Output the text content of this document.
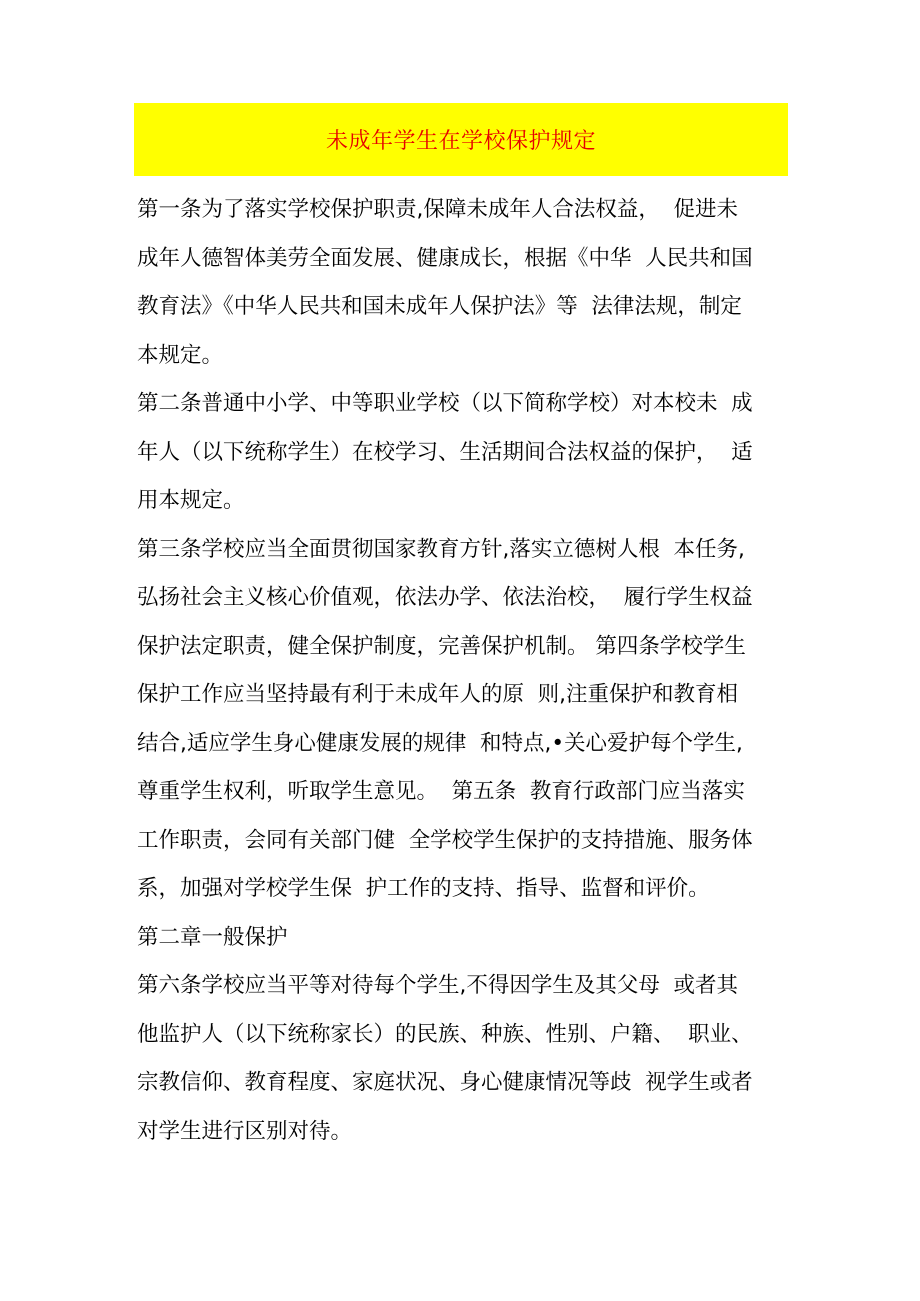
未成年学生在学校保护规定
第一条为了落实学校保护职责,保障未成年人合法权益，  促进未
成年人德智体美劳全面发展、健康成长，根据《中华  人民共和国
教育法》《中华人民共和国未成年人保护法》等  法律法规，制定
本规定。
第二条普通中小学、中等职业学校（以下简称学校）对本校未  成
年人（以下统称学生）在校学习、生活期间合法权益的保护，  适
用本规定。
第三条学校应当全面贯彻国家教育方针,落实立德树人根  本任务,
弘扬社会主义核心价值观，依法办学、依法治校，  履行学生权益
保护法定职责，健全保护制度，完善保护机制。 第四条学校学生
保护工作应当坚持最有利于未成年人的原  则,注重保护和教育相
结合,适应学生身心健康发展的规律  和特点,•关心爱护每个学生,
尊重学生权利，听取学生意见。  第五条  教育行政部门应当落实
工作职责，会同有关部门健  全学校学生保护的支持措施、服务体
系，加强对学校学生保  护工作的支持、指导、监督和评价。
第二章一般保护
第六条学校应当平等对待每个学生,不得因学生及其父母  或者其
他监护人（以下统称家长）的民族、种族、性别、户籍、  职业、
宗教信仰、教育程度、家庭状况、身心健康情况等歧  视学生或者
对学生进行区别对待。
